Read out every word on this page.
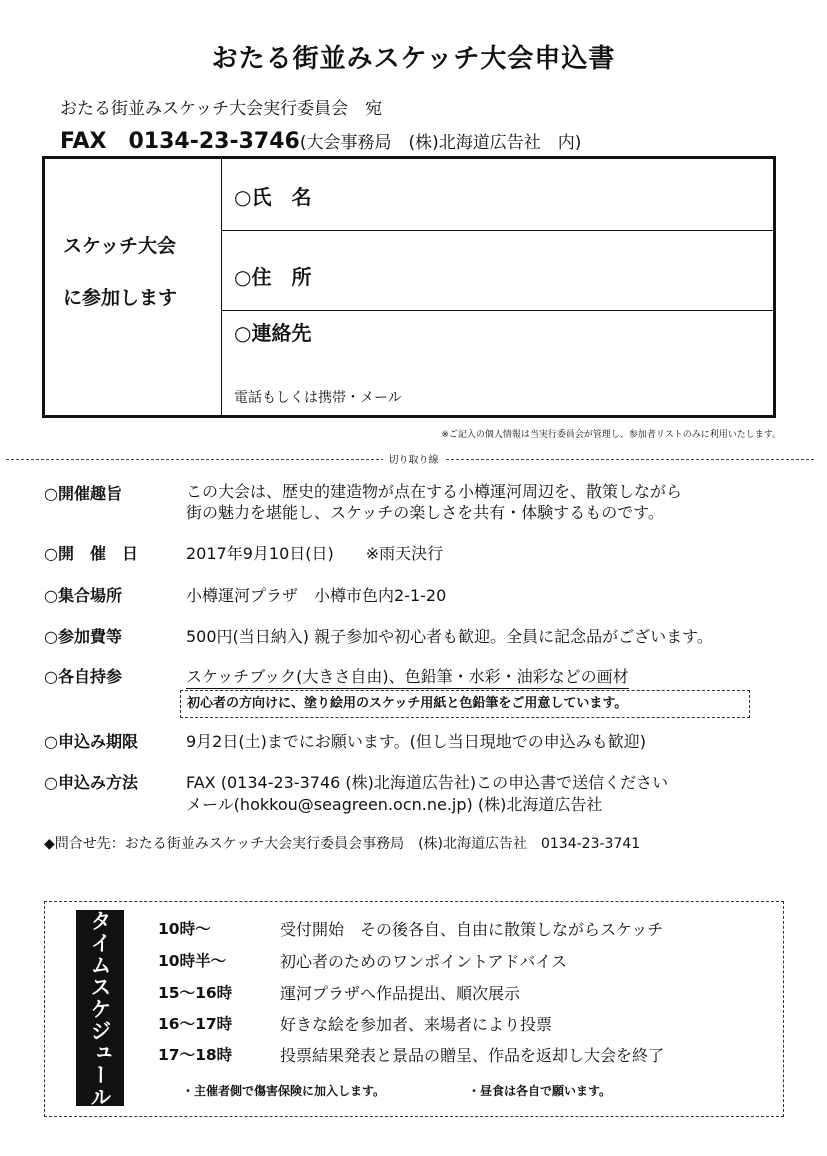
おたる街並みスケッチ大会申込書
おたる街並みスケッチ大会実行委員会　宛
FAX　0134-23-3746(大会事務局　(株)北海道広告社　内)
スケッチ大会
に参加します
○氏　名
○住　所
○連絡先
電話もしくは携帯・メール
※ご記入の個人情報は当実行委員会が管理し、参加者リストのみに利用いたします。
切り取り線
○開催趣旨	この大会は、歴史的建造物が点在する小樽運河周辺を、散策しながら
街の魅力を堪能し、スケッチの楽しさを共有・体験するものです。
○開　催　日	2017年9月10日(日)　　※雨天決行
○集合場所	小樽運河プラザ　小樽市色内2-1-20
○参加費等	500円(当日納入) 親子参加や初心者も歓迎。全員に記念品がございます。
○各自持参	スケッチブック(大きさ自由)、色鉛筆・水彩・油彩などの画材
初心者の方向けに、塗り絵用のスケッチ用紙と色鉛筆をご用意しています。
○申込み期限	9月2日(土)までにお願います。(但し当日現地での申込みも歓迎)
○申込み方法	FAX (0134-23-3746 (株)北海道広告社)この申込書で送信ください
メール(hokkou@seagreen.ocn.ne.jp) (株)北海道広告社
◆問合せ先：おたる街並みスケッチ大会実行委員会事務局　(株)北海道広告社　0134-23-3741
タイムスケジュール	10時～	受付開始　その後各自、自由に散策しながらスケッチ
10時半～	初心者のためのワンポイントアドバイス
15～16時	運河プラザへ作品提出、順次展示
16～17時	好きな絵を参加者、来場者により投票
17～18時	投票結果発表と景品の贈呈、作品を返却し大会を終了
・主催者側で傷害保険に加入します。	・昼食は各自で願います。
